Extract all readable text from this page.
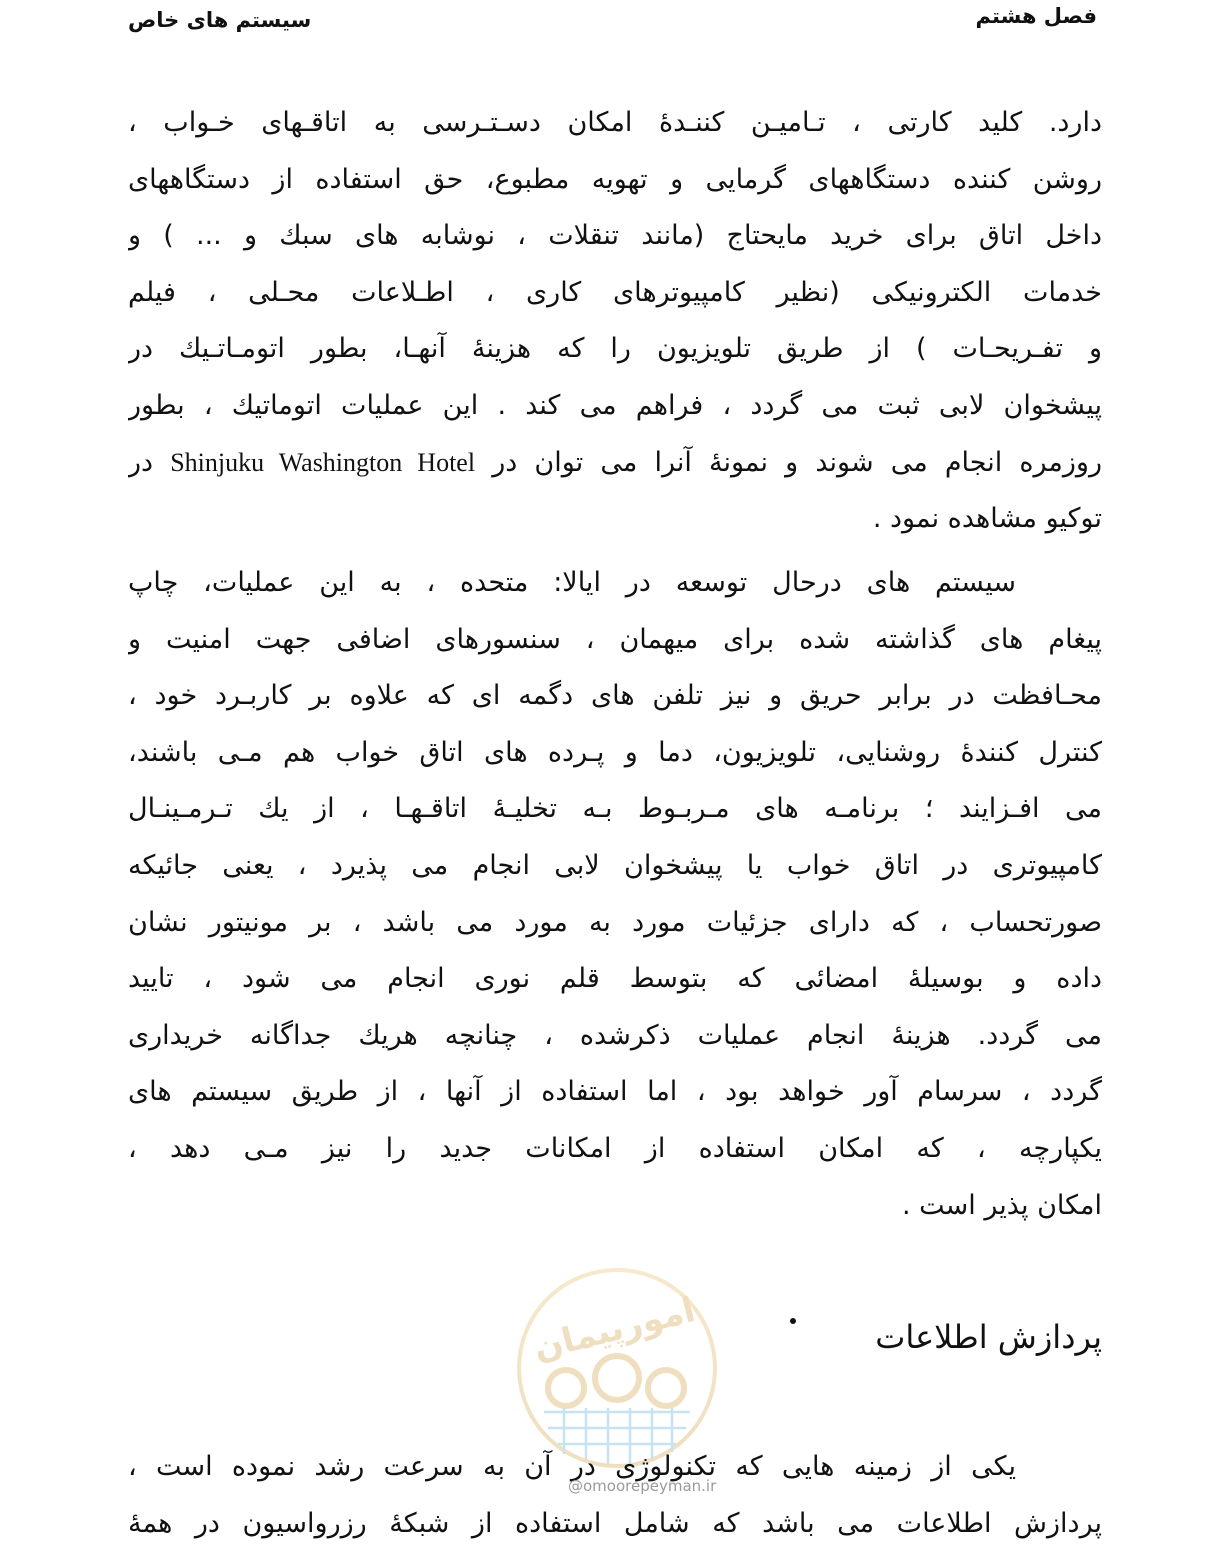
سیستم های خاص	فصل هشتم
دارد. کلید کارتی ، تـامیـن کننـدهٔ امکان دسـتـرسی به اتاقـهای خـواب ،
روشن کننده دستگاههای گرمایی و تهویه مطبوع، حق استفاده از دستگاههای
داخل اتاق برای خرید مایحتاج (مانند تنقلات ، نوشابه های سبك و ... ) و
خدمات الکترونیکی (نظیر کامپیوترهای کاری ، اطـلاعات محـلی ، فیلم
و تفـریحـات ) از طریق تلویزیون را که هزینهٔ آنهـا، بطور اتومـاتـیك در
پیشخوان لابی ثبت می گردد ، فراهم می کند . این عملیات اتوماتیك ، بطور
روزمره انجام می شوند و نمونهٔ آنرا می توان در Shinjuku Washington Hotel در
توکیو مشاهده نمود .
سیستم های درحال توسعه در ایالا: متحده ، به این عملیات، چاپ
پیغام های گذاشته شده برای میهمان ، سنسورهای اضافی جهت امنیت و
محـافظت در برابر حریق و نیز تلفن های دگمه ای که علاوه بر کاربـرد خود ،
کنترل کنندهٔ روشنایی، تلویزیون، دما و پـرده های اتاق خواب هم مـی باشند،
می افـزایند ؛ برنامـه های مـربـوط بـه تخلیـهٔ اتاقـهـا ، از یك تـرمـینـال
کامپیوتری در اتاق خواب یا پیشخوان لابی انجام می پذیرد ، یعنی جائیکه
صورتحساب ، که دارای جزئیات مورد به مورد می باشد ، بر مونیتور نشان
داده و بوسیلهٔ امضائی که بتوسط قلم نوری انجام می شود ، تایید
می گردد. هزینهٔ انجام عملیات ذکرشده ، چنانچه هریك جداگانه خریداری
گردد ، سرسام آور خواهد بود ، اما استفاده از آنها ، از طریق سیستم های
یکپارچه ، که امکان استفاده از امکانات جدید را نیز مـی دهد ،
امکان پذیر است .
امورپیمان	پردازش اطلاعات
یکی از زمینه هایی که تکنولوژی در آن به سرعت رشد نموده است ،
پردازش اطلاعات می باشد که شامل استفاده از شبکهٔ رزرواسیون در همهٔ
@omoorepeyman.ir
